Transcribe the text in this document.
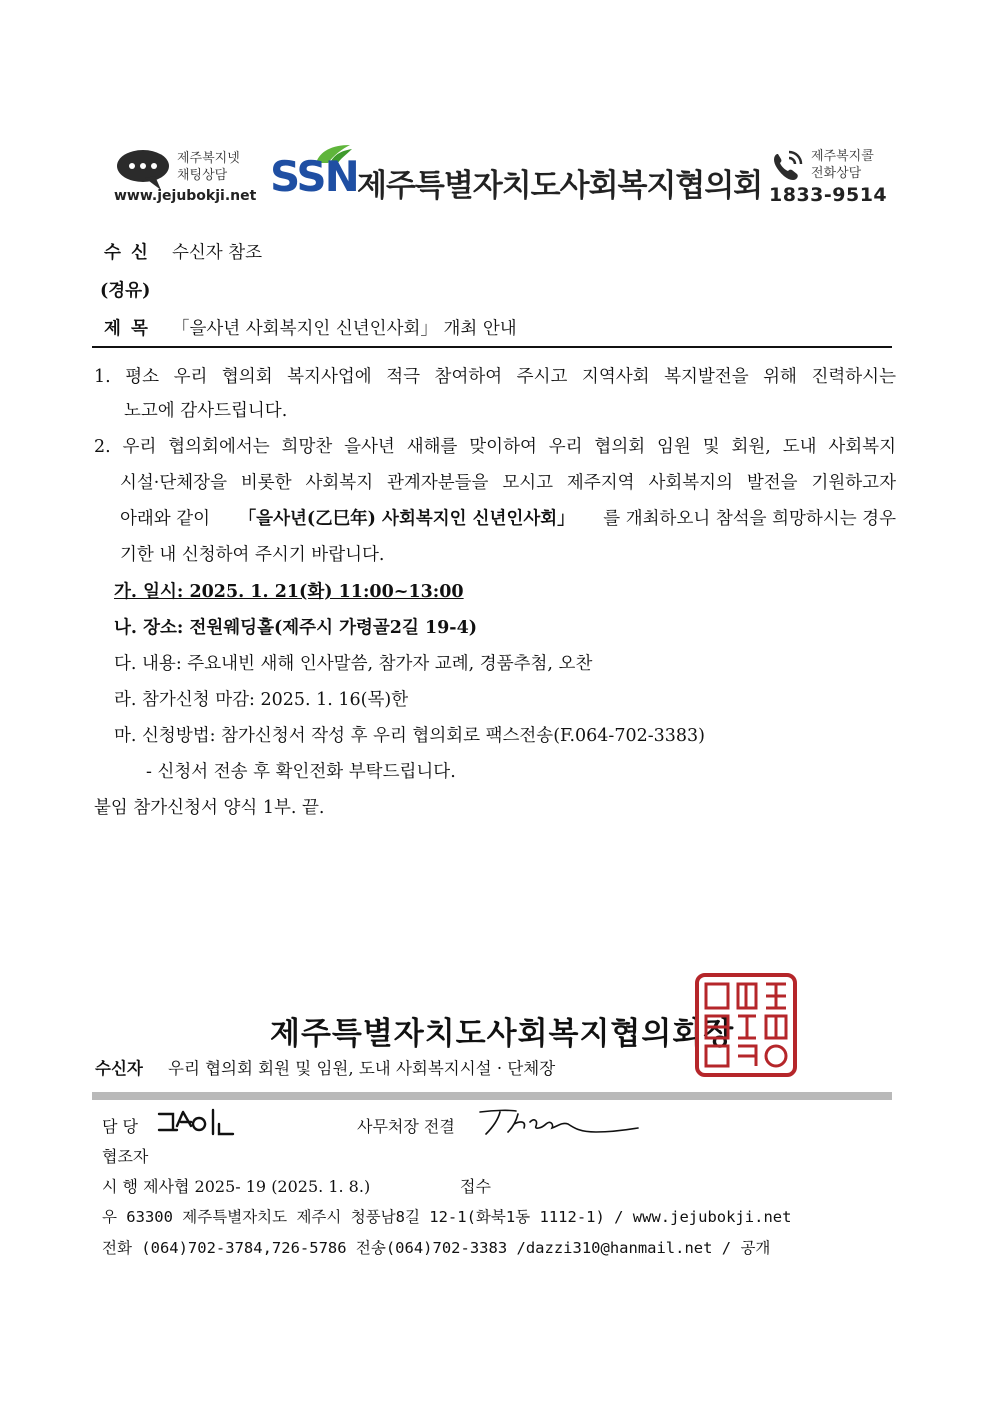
제주복지넷
채팅상담
www.jejubokji.net SSN 제주특별자치도사회복지협의회
제주복지콜
전화상담
1833-9514
수 신 수신자 참조
(경유)
제 목 「을사년 사회복지인 신년인사회」 개최 안내
1. 평소 우리 협의회 복지사업에 적극 참여하여 주시고 지역사회 복지발전을 위해 진력하시는
노고에 감사드립니다.
2. 우리 협의회에서는 희망찬 을사년 새해를 맞이하여 우리 협의회 임원 및 회원, 도내 사회복지
시설·단체장을 비롯한 사회복지 관계자분들을 모시고 제주지역 사회복지의 발전을 기원하고자
아래와 같이 「을사년(乙巳年) 사회복지인 신년인사회」 를 개최하오니 참석을 희망하시는 경우
기한 내 신청하여 주시기 바랍니다.
가. 일시: 2025. 1. 21(화) 11:00~13:00
나. 장소: 전원웨딩홀(제주시 가령골2길 19-4)
다. 내용: 주요내빈 새해 인사말씀, 참가자 교례, 경품추첨, 오찬
라. 참가신청 마감: 2025. 1. 16(목)한
마. 신청방법: 참가신청서 작성 후 우리 협의회로 팩스전송(F.064-702-3383)
- 신청서 전송 후 확인전화 부탁드립니다.
붙임 참가신청서 양식 1부. 끝.
제주특별자치도사회복지협의회장
수신자 우리 협의회 회원 및 임원, 도내 사회복지시설 · 단체장
담 당	사무처장 전결
협조자
시 행 제사협 2025- 19 (2025. 1. 8.)	접수
우 63300 제주특별자치도 제주시 청풍남8길 12-1(화북1동 1112-1) / www.jejubokji.net
전화 (064)702-3784,726-5786 전송(064)702-3383 /dazzi310@hanmail.net / 공개
